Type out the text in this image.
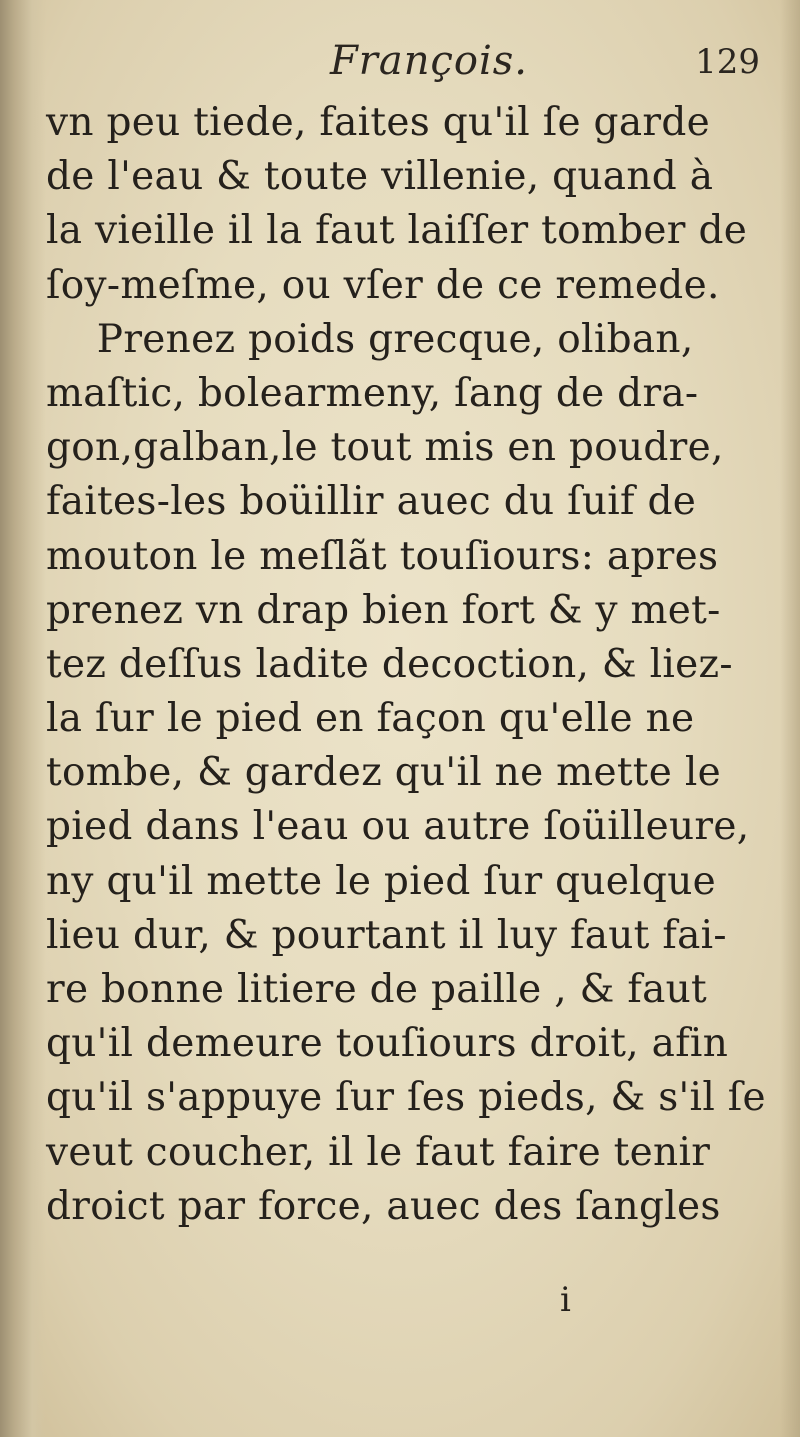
François.	129
vn peu tiede, faites qu'il ſe garde
de l'eau & toute villenie, quand à
la vieille il la faut laiſſer tomber de
ſoy-meſme, ou vſer de ce remede.
Prenez poids grecque, oliban,
maſtic, bolearmeny, ſang de dra-
gon,galban,le tout mis en poudre,
faites-les boüillir auec du ſuif de
mouton le meſlãt touſiours: apres
prenez vn drap bien fort & y met-
tez deſſus ladite decoction, & liez-
la ſur le pied en façon qu'elle ne
tombe, & gardez qu'il ne mette le
pied dans l'eau ou autre ſoüilleure,
ny qu'il mette le pied ſur quelque
lieu dur, & pourtant il luy faut fai-
re bonne litiere de paille , & faut
qu'il demeure touſiours droit, afin
qu'il s'appuye ſur ſes pieds, & s'il ſe
veut coucher, il le faut faire tenir
droict par force, auec des ſangles
i
